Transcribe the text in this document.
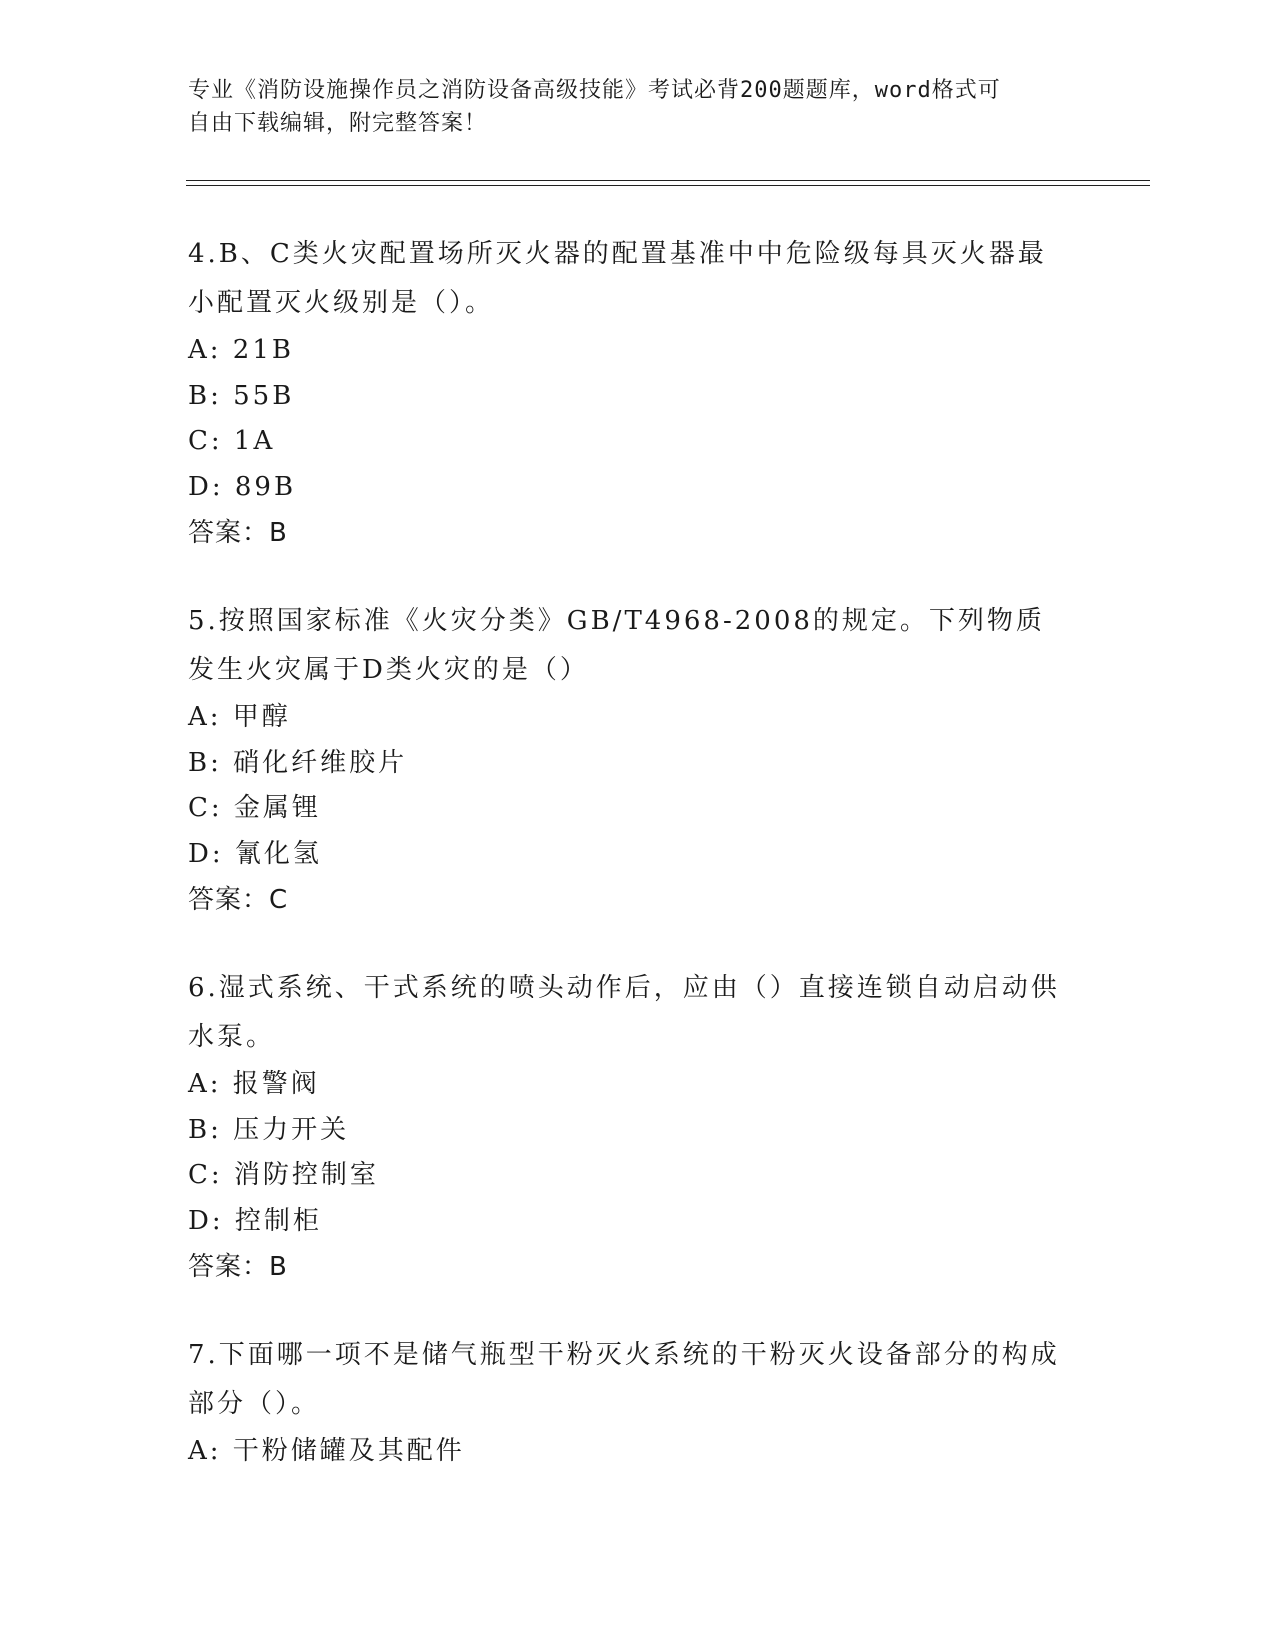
专业《消防设施操作员之消防设备高级技能》考试必背200题题库，word格式可
自由下载编辑，附完整答案！
4.B、C类火灾配置场所灭火器的配置基准中中危险级每具灭火器最小配置灭火级别是（）。
A: 21B
B: 55B
C: 1A
D: 89B
答案：B
5.按照国家标准《火灾分类》GB/T4968-2008的规定。下列物质发生火灾属于D类火灾的是（）
A: 甲醇
B: 硝化纤维胶片
C: 金属锂
D: 氰化氢
答案：C
6.湿式系统、干式系统的喷头动作后，应由（）直接连锁自动启动供水泵。
A: 报警阀
B: 压力开关
C: 消防控制室
D: 控制柜
答案：B
7.下面哪一项不是储气瓶型干粉灭火系统的干粉灭火设备部分的构成部分（）。
A: 干粉储罐及其配件
